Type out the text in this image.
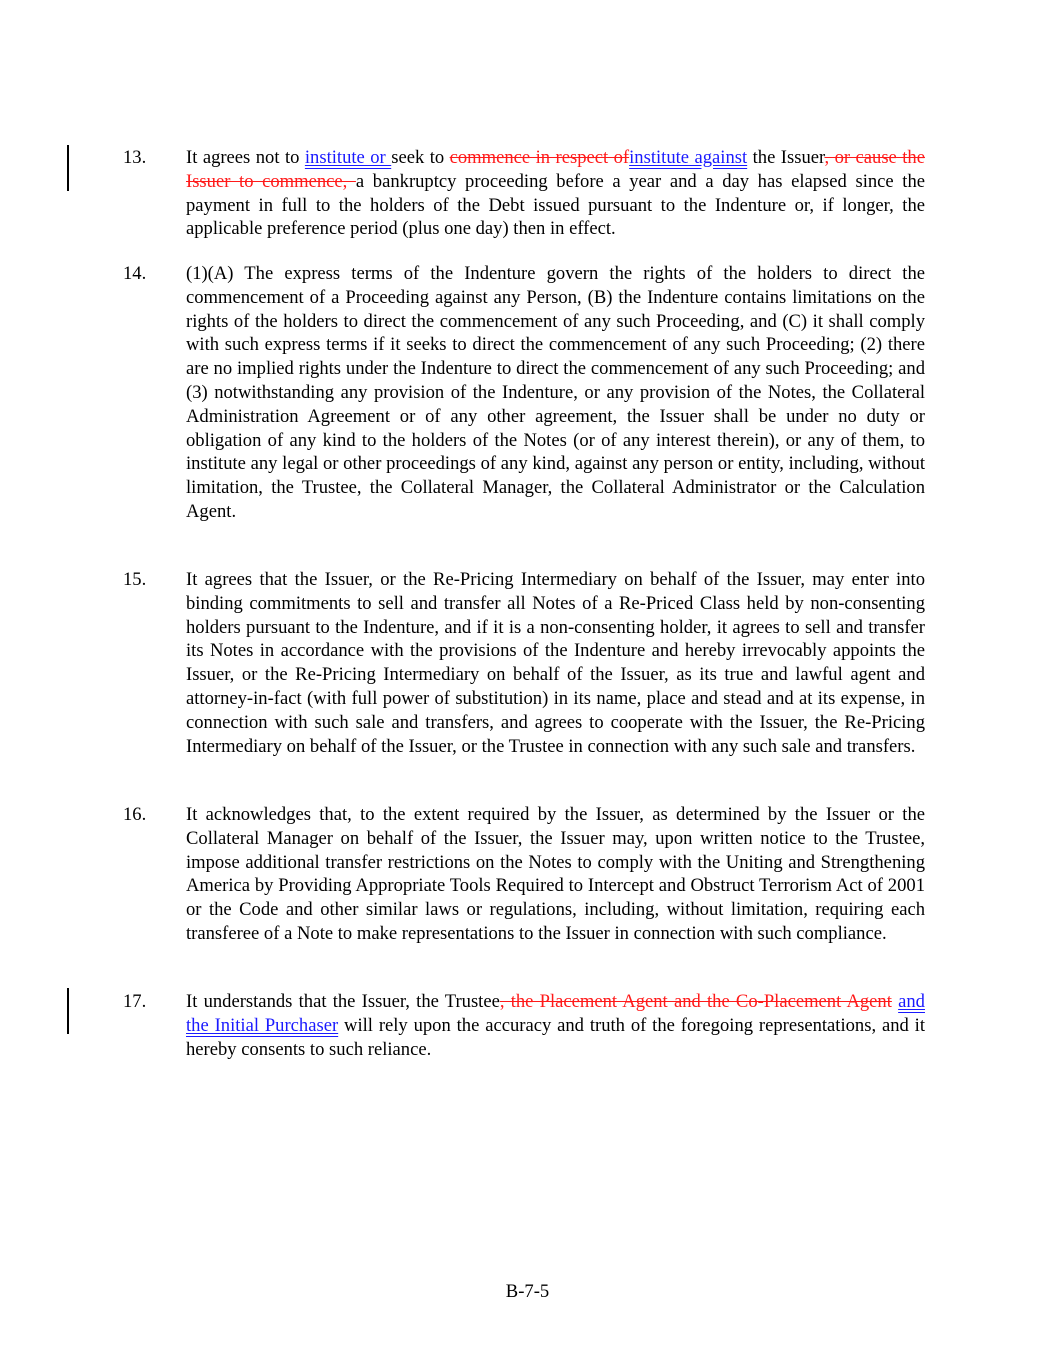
13.	It agrees not to institute or seek to commence in respect ofinstitute against the Issuer, or cause the Issuer to commence, a bankruptcy proceeding before a year and a day has elapsed since the payment in full to the holders of the Debt issued pursuant to the Indenture or, if longer, the applicable preference period (plus one day) then in effect.
14.	(1)(A) The express terms of the Indenture govern the rights of the holders to direct the commencement of a Proceeding against any Person, (B) the Indenture contains limitations on the rights of the holders to direct the commencement of any such Proceeding, and (C) it shall comply with such express terms if it seeks to direct the commencement of any such Proceeding; (2) there are no implied rights under the Indenture to direct the commencement of any such Proceeding; and (3) notwithstanding any provision of the Indenture, or any provision of the Notes, the Collateral Administration Agreement or of any other agreement, the Issuer shall be under no duty or obligation of any kind to the holders of the Notes (or of any interest therein), or any of them, to institute any legal or other proceedings of any kind, against any person or entity, including, without limitation, the Trustee, the Collateral Manager, the Collateral Administrator or the Calculation Agent.
15.	It agrees that the Issuer, or the Re-Pricing Intermediary on behalf of the Issuer, may enter into binding commitments to sell and transfer all Notes of a Re-Priced Class held by non-consenting holders pursuant to the Indenture, and if it is a non-consenting holder, it agrees to sell and transfer its Notes in accordance with the provisions of the Indenture and hereby irrevocably appoints the Issuer, or the Re-Pricing Intermediary on behalf of the Issuer, as its true and lawful agent and attorney-in-fact (with full power of substitution) in its name, place and stead and at its expense, in connection with such sale and transfers, and agrees to cooperate with the Issuer, the Re-Pricing Intermediary on behalf of the Issuer, or the Trustee in connection with any such sale and transfers.
16.	It acknowledges that, to the extent required by the Issuer, as determined by the Issuer or the Collateral Manager on behalf of the Issuer, the Issuer may, upon written notice to the Trustee, impose additional transfer restrictions on the Notes to comply with the Uniting and Strengthening America by Providing Appropriate Tools Required to Intercept and Obstruct Terrorism Act of 2001 or the Code and other similar laws or regulations, including, without limitation, requiring each transferee of a Note to make representations to the Issuer in connection with such compliance.
17.	It understands that the Issuer, the Trustee, the Placement Agent and the Co-Placement Agent and the Initial Purchaser will rely upon the accuracy and truth of the foregoing representations, and it hereby consents to such reliance.
B-7-5
